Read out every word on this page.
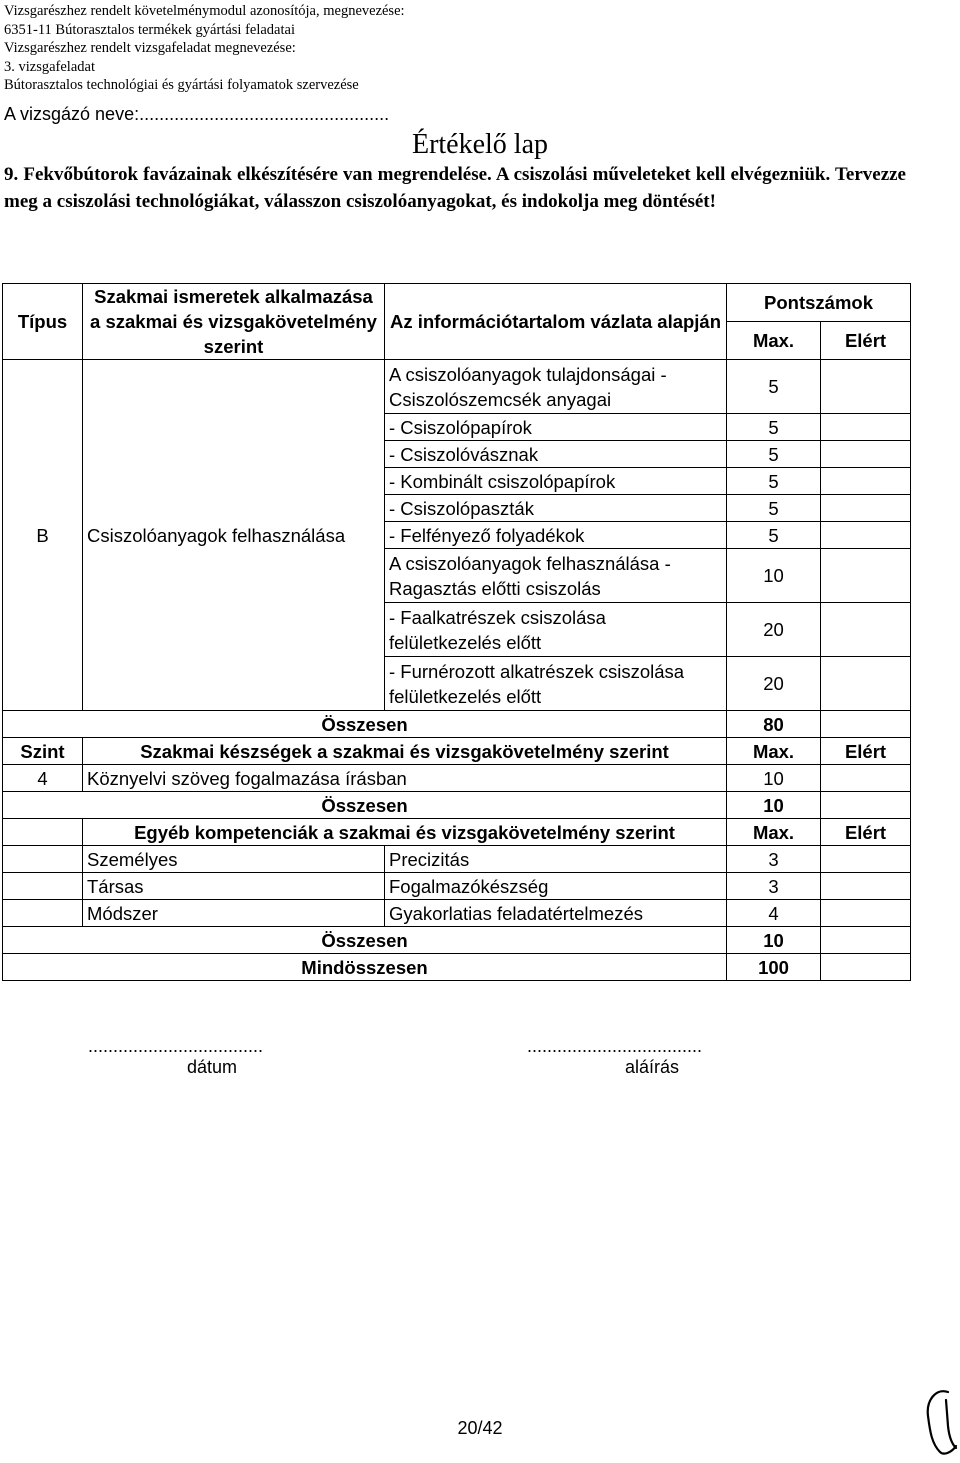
Vizsgarészhez rendelt követelménymodul azonosítója, megnevezése:
6351-11 Bútorasztalos termékek gyártási feladatai
Vizsgarészhez rendelt vizsgafeladat megnevezése:
3. vizsgafeladat
Bútorasztalos technológiai és gyártási folyamatok szervezése
A vizsgázó neve:..................................................
Értékelő lap
9. Fekvőbútorok favázainak elkészítésére van megrendelése. A csiszolási műveleteket kell elvégezniük. Tervezze meg a csiszolási technológiákat, válasszon csiszolóanyagokat, és indokolja meg döntését!
Típus	Szakmai ismeretek alkalmazása a szakmai és vizsgakövetelmény szerint	Az információtartalom vázlata alapján	Pontszámok	
			Max.	Elért
B	Csiszolóanyagok felhasználása	A csiszolóanyagok tulajdonságai - Csiszolószemcsék anyagai	5	
		- Csiszolópapírok	5	
		- Csiszolóvásznak	5	
		- Kombinált csiszolópapírok	5	
		- Csiszolópaszták	5	
		- Felfényező folyadékok	5	
		A csiszolóanyagok felhasználása - Ragasztás előtti csiszolás	10	
		- Faalkatrészek csiszolása felületkezelés előtt	20	
		- Furnérozott alkatrészek csiszolása felületkezelés előtt	20	
Összesen			80	
Szint	Szakmai készségek a szakmai és vizsgakövetelmény szerint		Max.	Elért
4	Köznyelvi szöveg fogalmazása írásban		10	
Összesen			10	
	Egyéb kompetenciák a szakmai és vizsgakövetelmény szerint		Max.	Elért
	Személyes	Precizitás	3	
	Társas	Fogalmazókészség	3	
	Módszer	Gyakorlatias feladatértelmezés	4	
Összesen			10	
Mindösszesen			100	
...................................
dátum
...................................
aláírás
20/42
